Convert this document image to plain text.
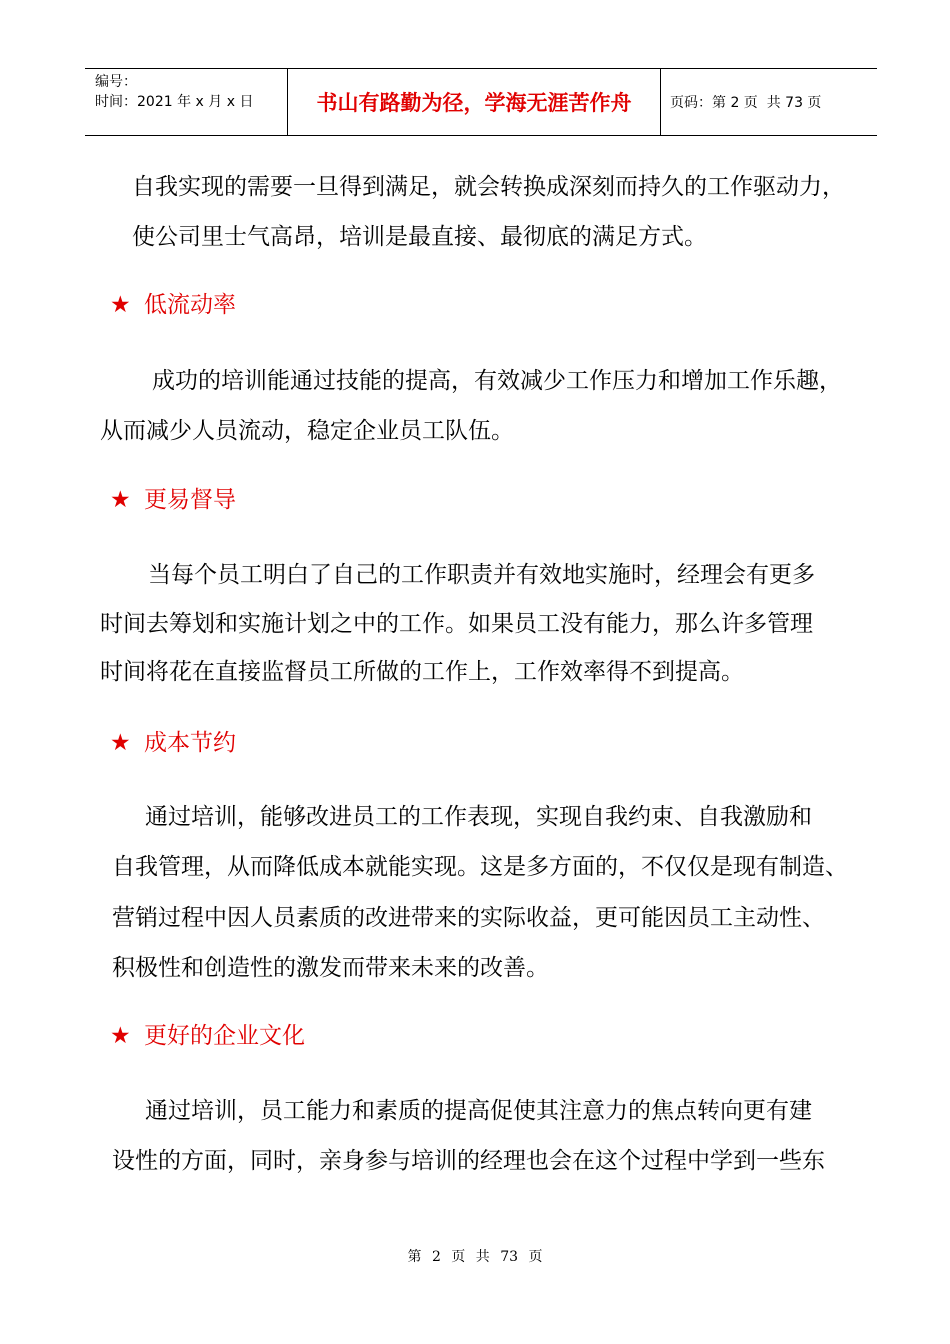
编号：
时间：2021 年 x 月 x 日	书山有路勤为径，学海无涯苦作舟	页码：第 2 页  共 73 页
自我实现的需要一旦得到满足，就会转换成深刻而持久的工作驱动力，
使公司里士气高昂，培训是最直接、最彻底的满足方式。
★ 低流动率
成功的培训能通过技能的提高，有效减少工作压力和增加工作乐趣，
从而减少人员流动，稳定企业员工队伍。
★ 更易督导
当每个员工明白了自己的工作职责并有效地实施时，经理会有更多
时间去筹划和实施计划之中的工作。如果员工没有能力，那么许多管理
时间将花在直接监督员工所做的工作上，工作效率得不到提高。
★ 成本节约
通过培训，能够改进员工的工作表现，实现自我约束、自我激励和
自我管理，从而降低成本就能实现。这是多方面的，不仅仅是现有制造、
营销过程中因人员素质的改进带来的实际收益，更可能因员工主动性、
积极性和创造性的激发而带来未来的改善。
★ 更好的企业文化
通过培训，员工能力和素质的提高促使其注意力的焦点转向更有建
设性的方面，同时，亲身参与培训的经理也会在这个过程中学到一些东
第 2 页 共 73 页
